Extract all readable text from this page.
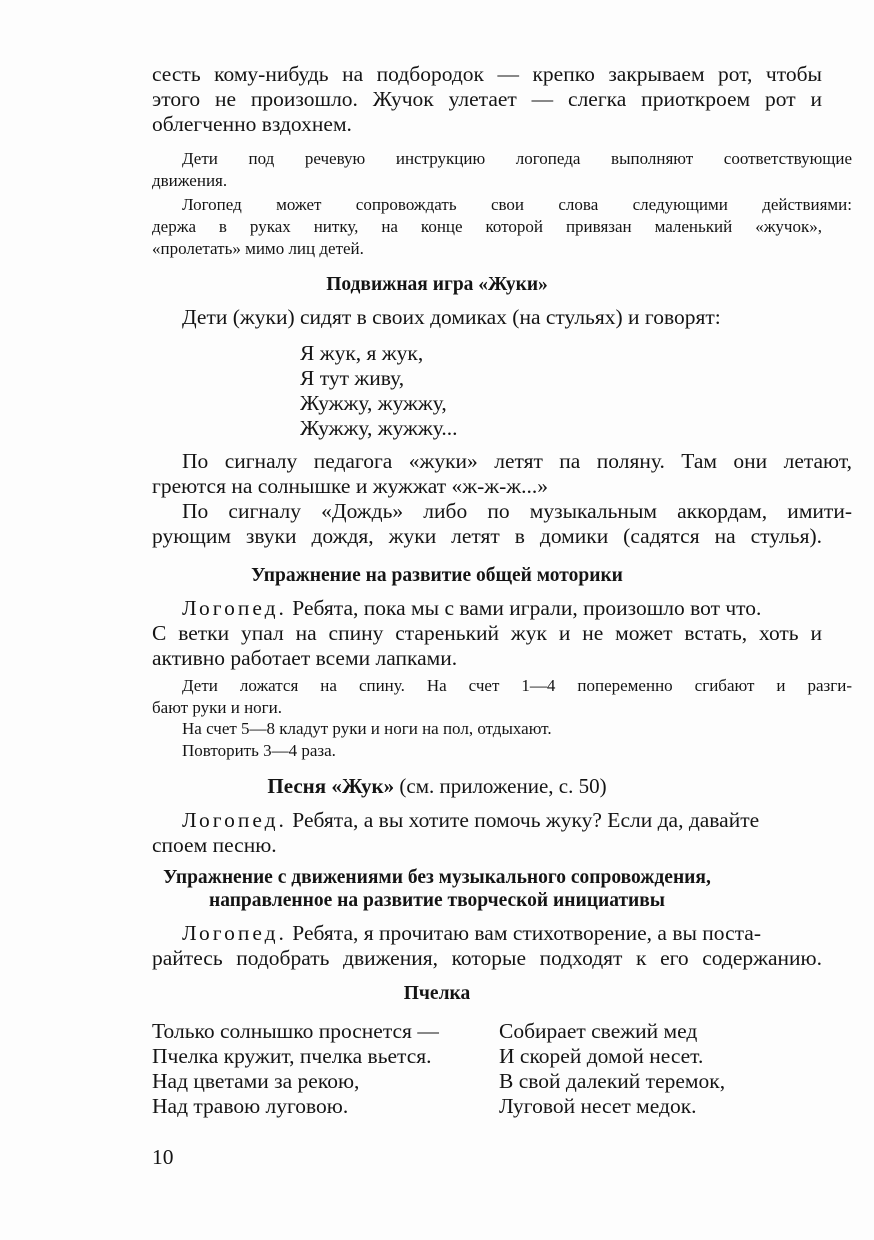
сесть кому-нибудь на подбородок — крепко закрываем рот, чтобы
этого не произошло. Жучок улетает — слегка приоткроем рот и
облегченно вздохнем.
Дети под речевую инструкцию логопеда выполняют соответствующие
движения.
Логопед может сопровождать свои слова следующими действиями:
держа в руках нитку, на конце которой привязан маленький «жучок»,
«пролетать» мимо лиц детей.
Подвижная игра «Жуки»
Дети (жуки) сидят в своих домиках (на стульях) и говорят:
Я жук, я жук,
Я тут живу,
Жужжу, жужжу,
Жужжу, жужжу...
По сигналу педагога «жуки» летят па поляну. Там они летают,
греются на солнышке и жужжат «ж-ж-ж...»
По сигналу «Дождь» либо по музыкальным аккордам, имити-
рующим звуки дождя, жуки летят в домики (садятся на стулья).
Упражнение на развитие общей моторики
Логопед. Ребята, пока мы с вами играли, произошло вот что.
С ветки упал на спину старенький жук и не может встать, хоть и
активно работает всеми лапками.
Дети ложатся на спину. На счет 1—4 попеременно сгибают и разги-
бают руки и ноги.
На счет 5—8 кладут руки и ноги на пол, отдыхают.
Повторить 3—4 раза.
Логопед. Ребята, а вы хотите помочь жуку? Если да, давайте
споем песню.
Упражнение с движениями без музыкального сопровождения,
направленное на развитие творческой инициативы
Логопед. Ребята, я прочитаю вам стихотворение, а вы поста-
райтесь подобрать движения, которые подходят к его содержанию.
Пчелка
Только солнышко проснется —	Собирает свежий мед
Пчелка кружит, пчелка вьется.	И скорей домой несет.
Над цветами за рекою,	В свой далекий теремок,
Над травою луговою.	Луговой несет медок.
10
Песня «Жук» (см. приложение, с. 50)
